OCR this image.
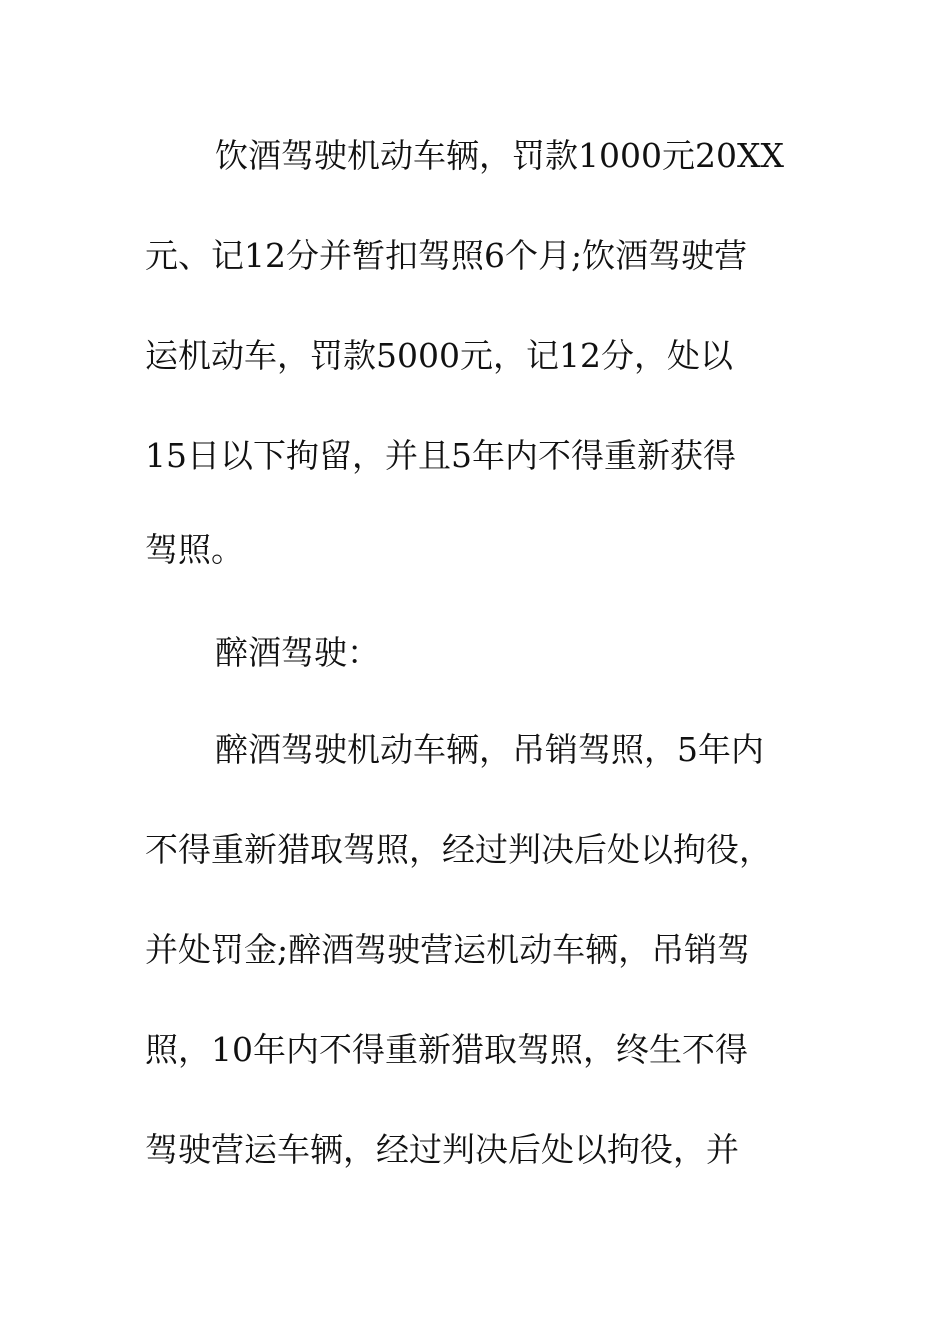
饮酒驾驶机动车辆，罚款1000元20XX
元、记12分并暂扣驾照6个月;饮酒驾驶营
运机动车，罚款5000元，记12分，处以
15日以下拘留，并且5年内不得重新获得
驾照。
醉酒驾驶：
醉酒驾驶机动车辆，吊销驾照，5年内
不得重新猎取驾照，经过判决后处以拘役，
并处罚金;醉酒驾驶营运机动车辆，吊销驾
照，10年内不得重新猎取驾照，终生不得
驾驶营运车辆，经过判决后处以拘役，并
